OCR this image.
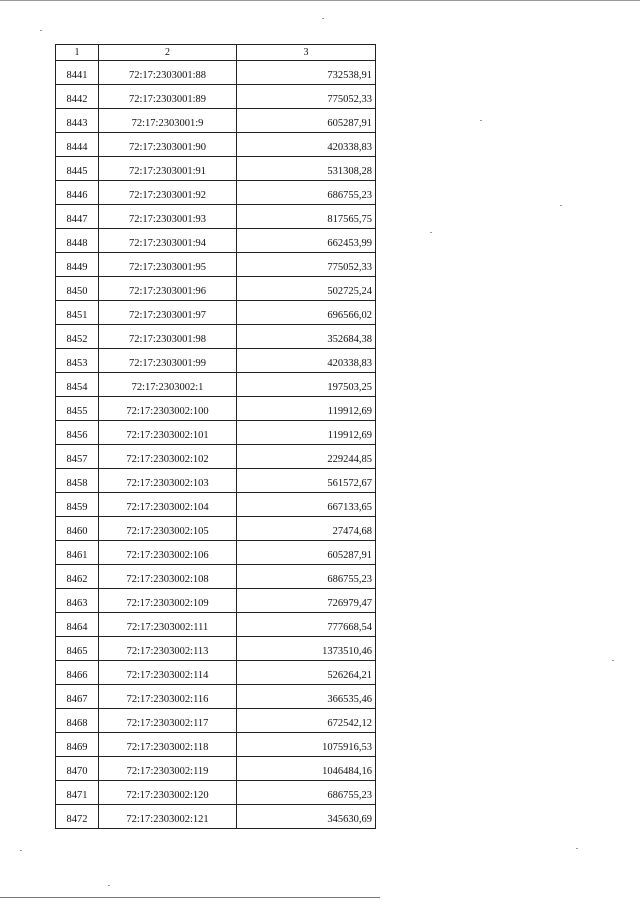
1	2	3
8441	72:17:2303001:88	732538,91
8442	72:17:2303001:89	775052,33
8443	72:17:2303001:9	605287,91
8444	72:17:2303001:90	420338,83
8445	72:17:2303001:91	531308,28
8446	72:17:2303001:92	686755,23
8447	72:17:2303001:93	817565,75
8448	72:17:2303001:94	662453,99
8449	72:17:2303001:95	775052,33
8450	72:17:2303001:96	502725,24
8451	72:17:2303001:97	696566,02
8452	72:17:2303001:98	352684,38
8453	72:17:2303001:99	420338,83
8454	72:17:2303002:1	197503,25
8455	72:17:2303002:100	119912,69
8456	72:17:2303002:101	119912,69
8457	72:17:2303002:102	229244,85
8458	72:17:2303002:103	561572,67
8459	72:17:2303002:104	667133,65
8460	72:17:2303002:105	27474,68
8461	72:17:2303002:106	605287,91
8462	72:17:2303002:108	686755,23
8463	72:17:2303002:109	726979,47
8464	72:17:2303002:111	777668,54
8465	72:17:2303002:113	1373510,46
8466	72:17:2303002:114	526264,21
8467	72:17:2303002:116	366535,46
8468	72:17:2303002:117	672542,12
8469	72:17:2303002:118	1075916,53
8470	72:17:2303002:119	1046484,16
8471	72:17:2303002:120	686755,23
8472	72:17:2303002:121	345630,69
